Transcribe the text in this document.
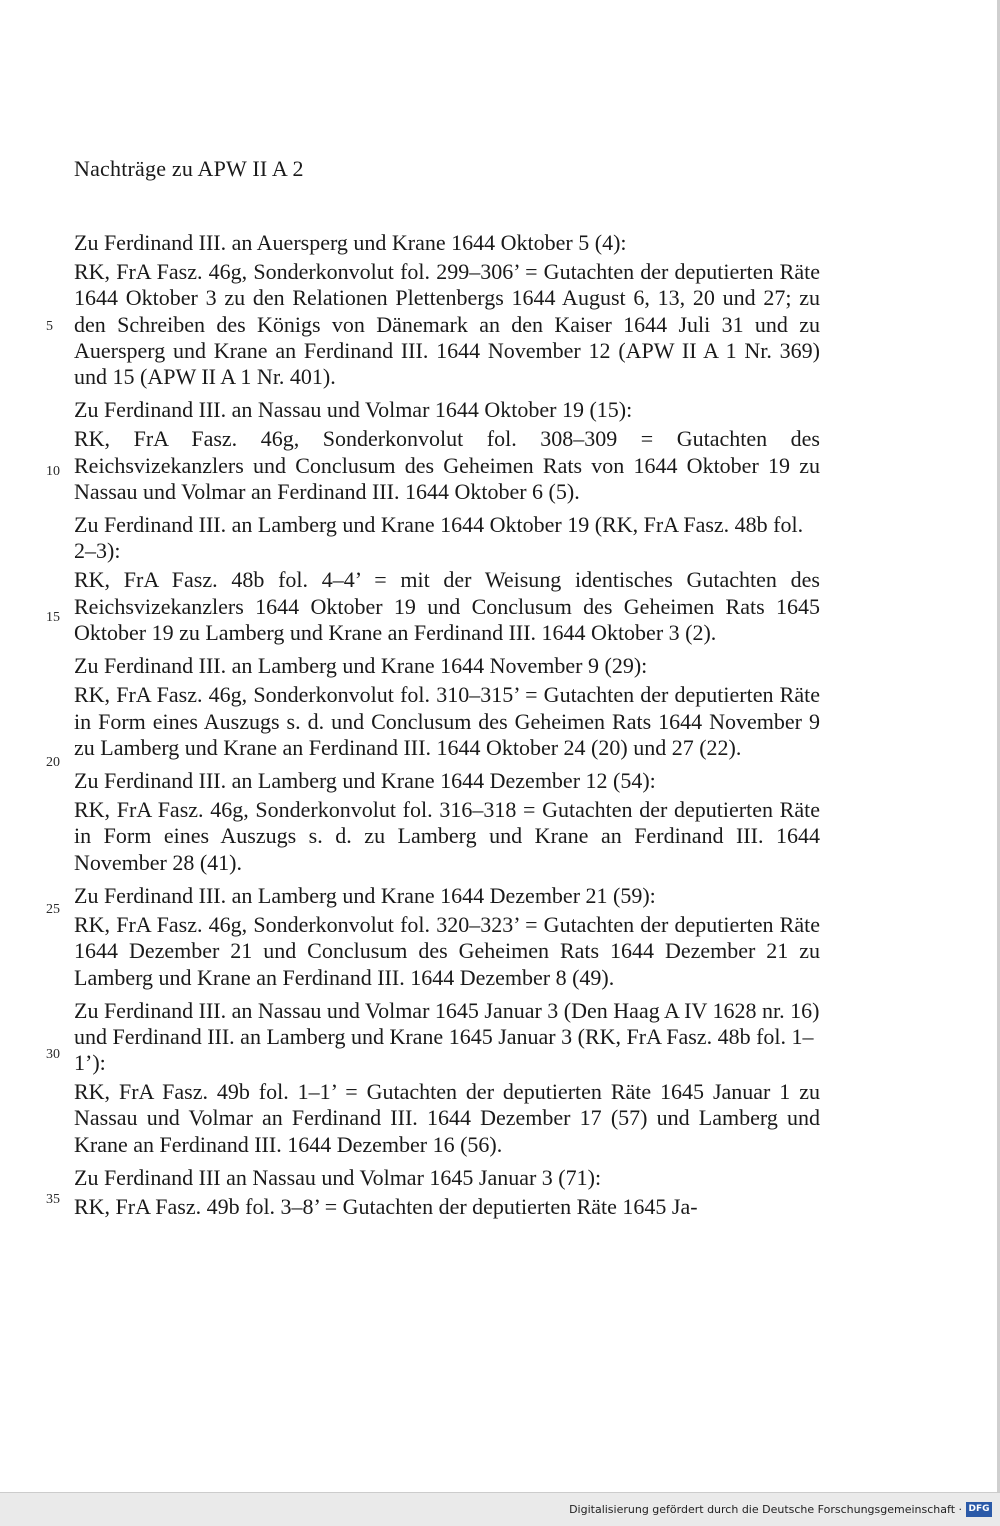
Nachträge zu APW II A 2
5
10
15
20
25
30
35

Zu Ferdinand III. an Auersperg und Krane 1644 Oktober 5 (4):

RK, FrA Fasz. 46g, Sonderkonvolut fol. 299–306’ = Gutachten der deputierten Räte 1644 Oktober 3 zu den Relationen Plettenbergs 1644 August 6, 13, 20 und 27; zu den Schreiben des Königs von Dänemark an den Kaiser 1644 Juli 31 und zu Auersperg und Krane an Ferdinand III. 1644 November 12 (APW II A 1 Nr. 369) und 15 (APW II A 1 Nr. 401).

Zu Ferdinand III. an Nassau und Volmar 1644 Oktober 19 (15):

RK, FrA Fasz. 46g, Sonderkonvolut fol. 308–309 = Gutachten des Reichsvizekanzlers und Conclusum des Geheimen Rats von 1644 Oktober 19 zu Nassau und Volmar an Ferdinand III. 1644 Oktober 6 (5).

Zu Ferdinand III. an Lamberg und Krane 1644 Oktober 19 (RK, FrA Fasz. 48b fol. 2–3):

RK, FrA Fasz. 48b fol. 4–4’ = mit der Weisung identisches Gutachten des Reichsvizekanzlers 1644 Oktober 19 und Conclusum des Geheimen Rats 1645 Oktober 19 zu Lamberg und Krane an Ferdinand III. 1644 Oktober 3 (2).

Zu Ferdinand III. an Lamberg und Krane 1644 November 9 (29):

RK, FrA Fasz. 46g, Sonderkonvolut fol. 310–315’ = Gutachten der deputierten Räte in Form eines Auszugs s. d. und Conclusum des Geheimen Rats 1644 November 9 zu Lamberg und Krane an Ferdinand III. 1644 Oktober 24 (20) und 27 (22).

Zu Ferdinand III. an Lamberg und Krane 1644 Dezember 12 (54):

RK, FrA Fasz. 46g, Sonderkonvolut fol. 316–318 = Gutachten der deputierten Räte in Form eines Auszugs s. d. zu Lamberg und Krane an Ferdinand III. 1644 November 28 (41).

Zu Ferdinand III. an Lamberg und Krane 1644 Dezember 21 (59):

RK, FrA Fasz. 46g, Sonderkonvolut fol. 320–323’ = Gutachten der deputierten Räte 1644 Dezember 21 und Conclusum des Geheimen Rats 1644 Dezember 21 zu Lamberg und Krane an Ferdinand III. 1644 Dezember 8 (49).

Zu Ferdinand III. an Nassau und Volmar 1645 Januar 3 (Den Haag A IV 1628 nr. 16) und Ferdinand III. an Lamberg und Krane 1645 Januar 3 (RK, FrA Fasz. 48b fol. 1–1’):

RK, FrA Fasz. 49b fol. 1–1’ = Gutachten der deputierten Räte 1645 Januar 1 zu Nassau und Volmar an Ferdinand III. 1644 Dezember 17 (57) und Lamberg und Krane an Ferdinand III. 1644 Dezember 16 (56).

Zu Ferdinand III an Nassau und Volmar 1645 Januar 3 (71):

RK, FrA Fasz. 49b fol. 3–8’ = Gutachten der deputierten Räte 1645 Ja-

Digitalisierung gefördert durch die Deutsche Forschungsgemeinschaft · DFG
